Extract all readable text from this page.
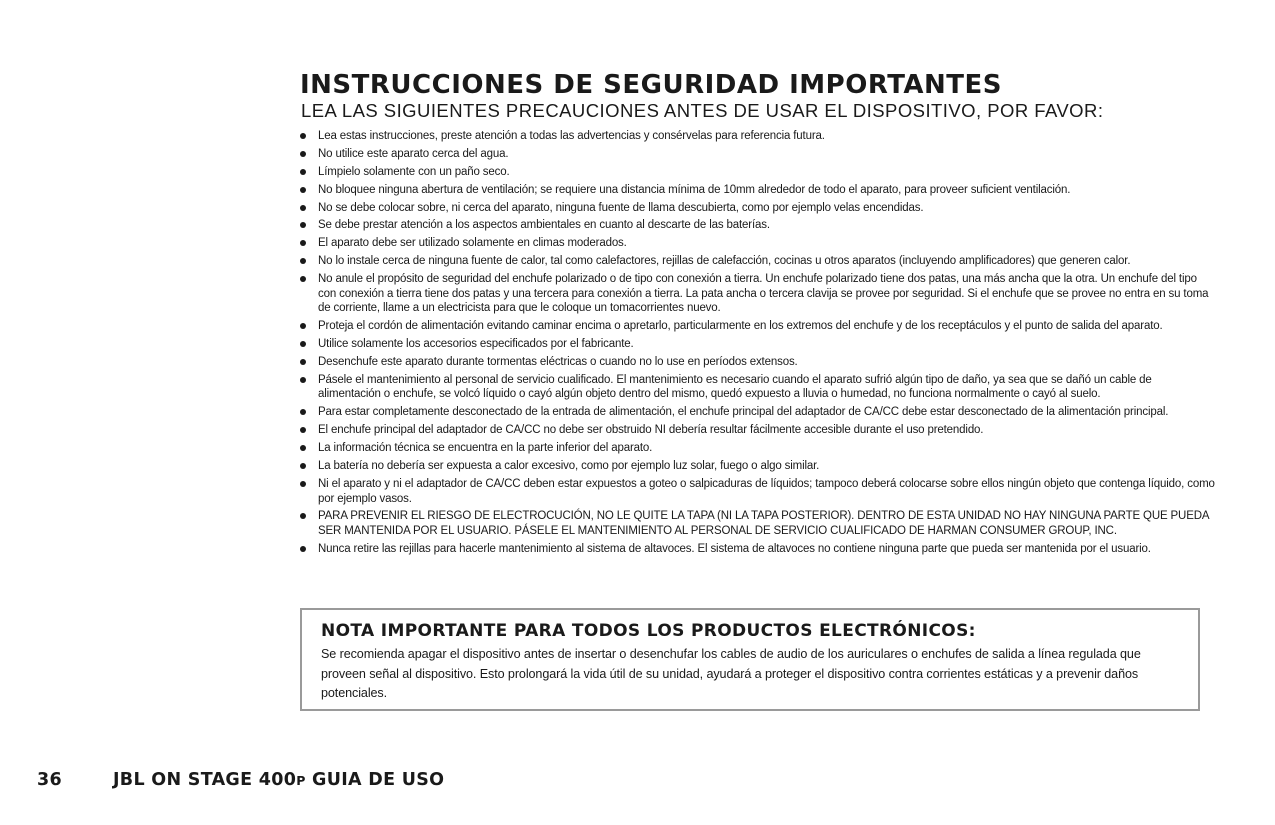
INSTRUCCIONES DE SEGURIDAD IMPORTANTES
LEA LAS SIGUIENTES PRECAUCIONES ANTES DE USAR EL DISPOSITIVO, POR FAVOR:
Lea estas instrucciones, preste atención a todas las advertencias y consérvelas para referencia futura.
No utilice este aparato cerca del agua.
Límpielo solamente con un paño seco.
No bloquee ninguna abertura de ventilación; se requiere una distancia mínima de 10mm alrededor de todo el aparato, para proveer suficient ventilación.
No se debe colocar sobre, ni cerca del aparato, ninguna fuente de llama descubierta, como por ejemplo velas encendidas.
Se debe prestar atención a los aspectos ambientales en cuanto al descarte de las baterías.
El aparato debe ser utilizado solamente en climas moderados.
No lo instale cerca de ninguna fuente de calor, tal como calefactores, rejillas de calefacción, cocinas u otros aparatos (incluyendo amplificadores) que generen calor.
No anule el propósito de seguridad del enchufe polarizado o de tipo con conexión a tierra. Un enchufe polarizado tiene dos patas, una más ancha que la otra. Un enchufe del tipo con conexión a tierra tiene dos patas y una tercera para conexión a tierra. La pata ancha o tercera clavija se provee por seguridad. Si el enchufe que se provee no entra en su toma de corriente, llame a un electricista para que le coloque un tomacorrientes nuevo.
Proteja el cordón de alimentación evitando caminar encima o apretarlo, particularmente en los extremos del enchufe y de los receptáculos y el punto de salida del aparato.
Utilice solamente los accesorios especificados por el fabricante.
Desenchufe este aparato durante tormentas eléctricas o cuando no lo use en períodos extensos.
Pásele el mantenimiento al personal de servicio cualificado. El mantenimiento es necesario cuando el aparato sufrió algún tipo de daño, ya sea que se dañó un cable de alimentación o enchufe, se volcó líquido o cayó algún objeto dentro del mismo, quedó expuesto a lluvia o humedad, no funciona normalmente o cayó al suelo.
Para estar completamente desconectado de la entrada de alimentación, el enchufe principal del adaptador de CA/CC debe estar desconectado de la alimentación principal.
El enchufe principal del adaptador de CA/CC no debe ser obstruido NI debería resultar fácilmente accesible durante el uso pretendido.
La información técnica se encuentra en la parte inferior del aparato.
La batería no debería ser expuesta a calor excesivo, como por ejemplo luz solar, fuego o algo similar.
Ni el aparato y ni el adaptador de CA/CC deben estar expuestos a goteo o salpicaduras de líquidos; tampoco deberá colocarse sobre ellos ningún objeto que contenga líquido, como por ejemplo vasos.
PARA PREVENIR EL RIESGO DE ELECTROCUCIÓN, NO LE QUITE LA TAPA (NI LA TAPA POSTERIOR). DENTRO DE ESTA UNIDAD NO HAY NINGUNA PARTE QUE PUEDA SER MANTENIDA POR EL USUARIO. PÁSELE EL MANTENIMIENTO AL PERSONAL DE SERVICIO CUALIFICADO DE HARMAN CONSUMER GROUP, INC.
Nunca retire las rejillas para hacerle mantenimiento al sistema de altavoces. El sistema de altavoces no contiene ninguna parte que pueda ser mantenida por el usuario.
NOTA IMPORTANTE PARA TODOS LOS PRODUCTOS ELECTRÓNICOS:

Se recomienda apagar el dispositivo antes de insertar o desenchufar los cables de audio de los auriculares o enchufes de salida a línea regulada que proveen señal al dispositivo. Esto prolongará la vida útil de su unidad, ayudará a proteger el dispositivo contra corrientes estáticas y a prevenir daños potenciales.

36	JBL ON STAGE 400P GUIA DE USO
